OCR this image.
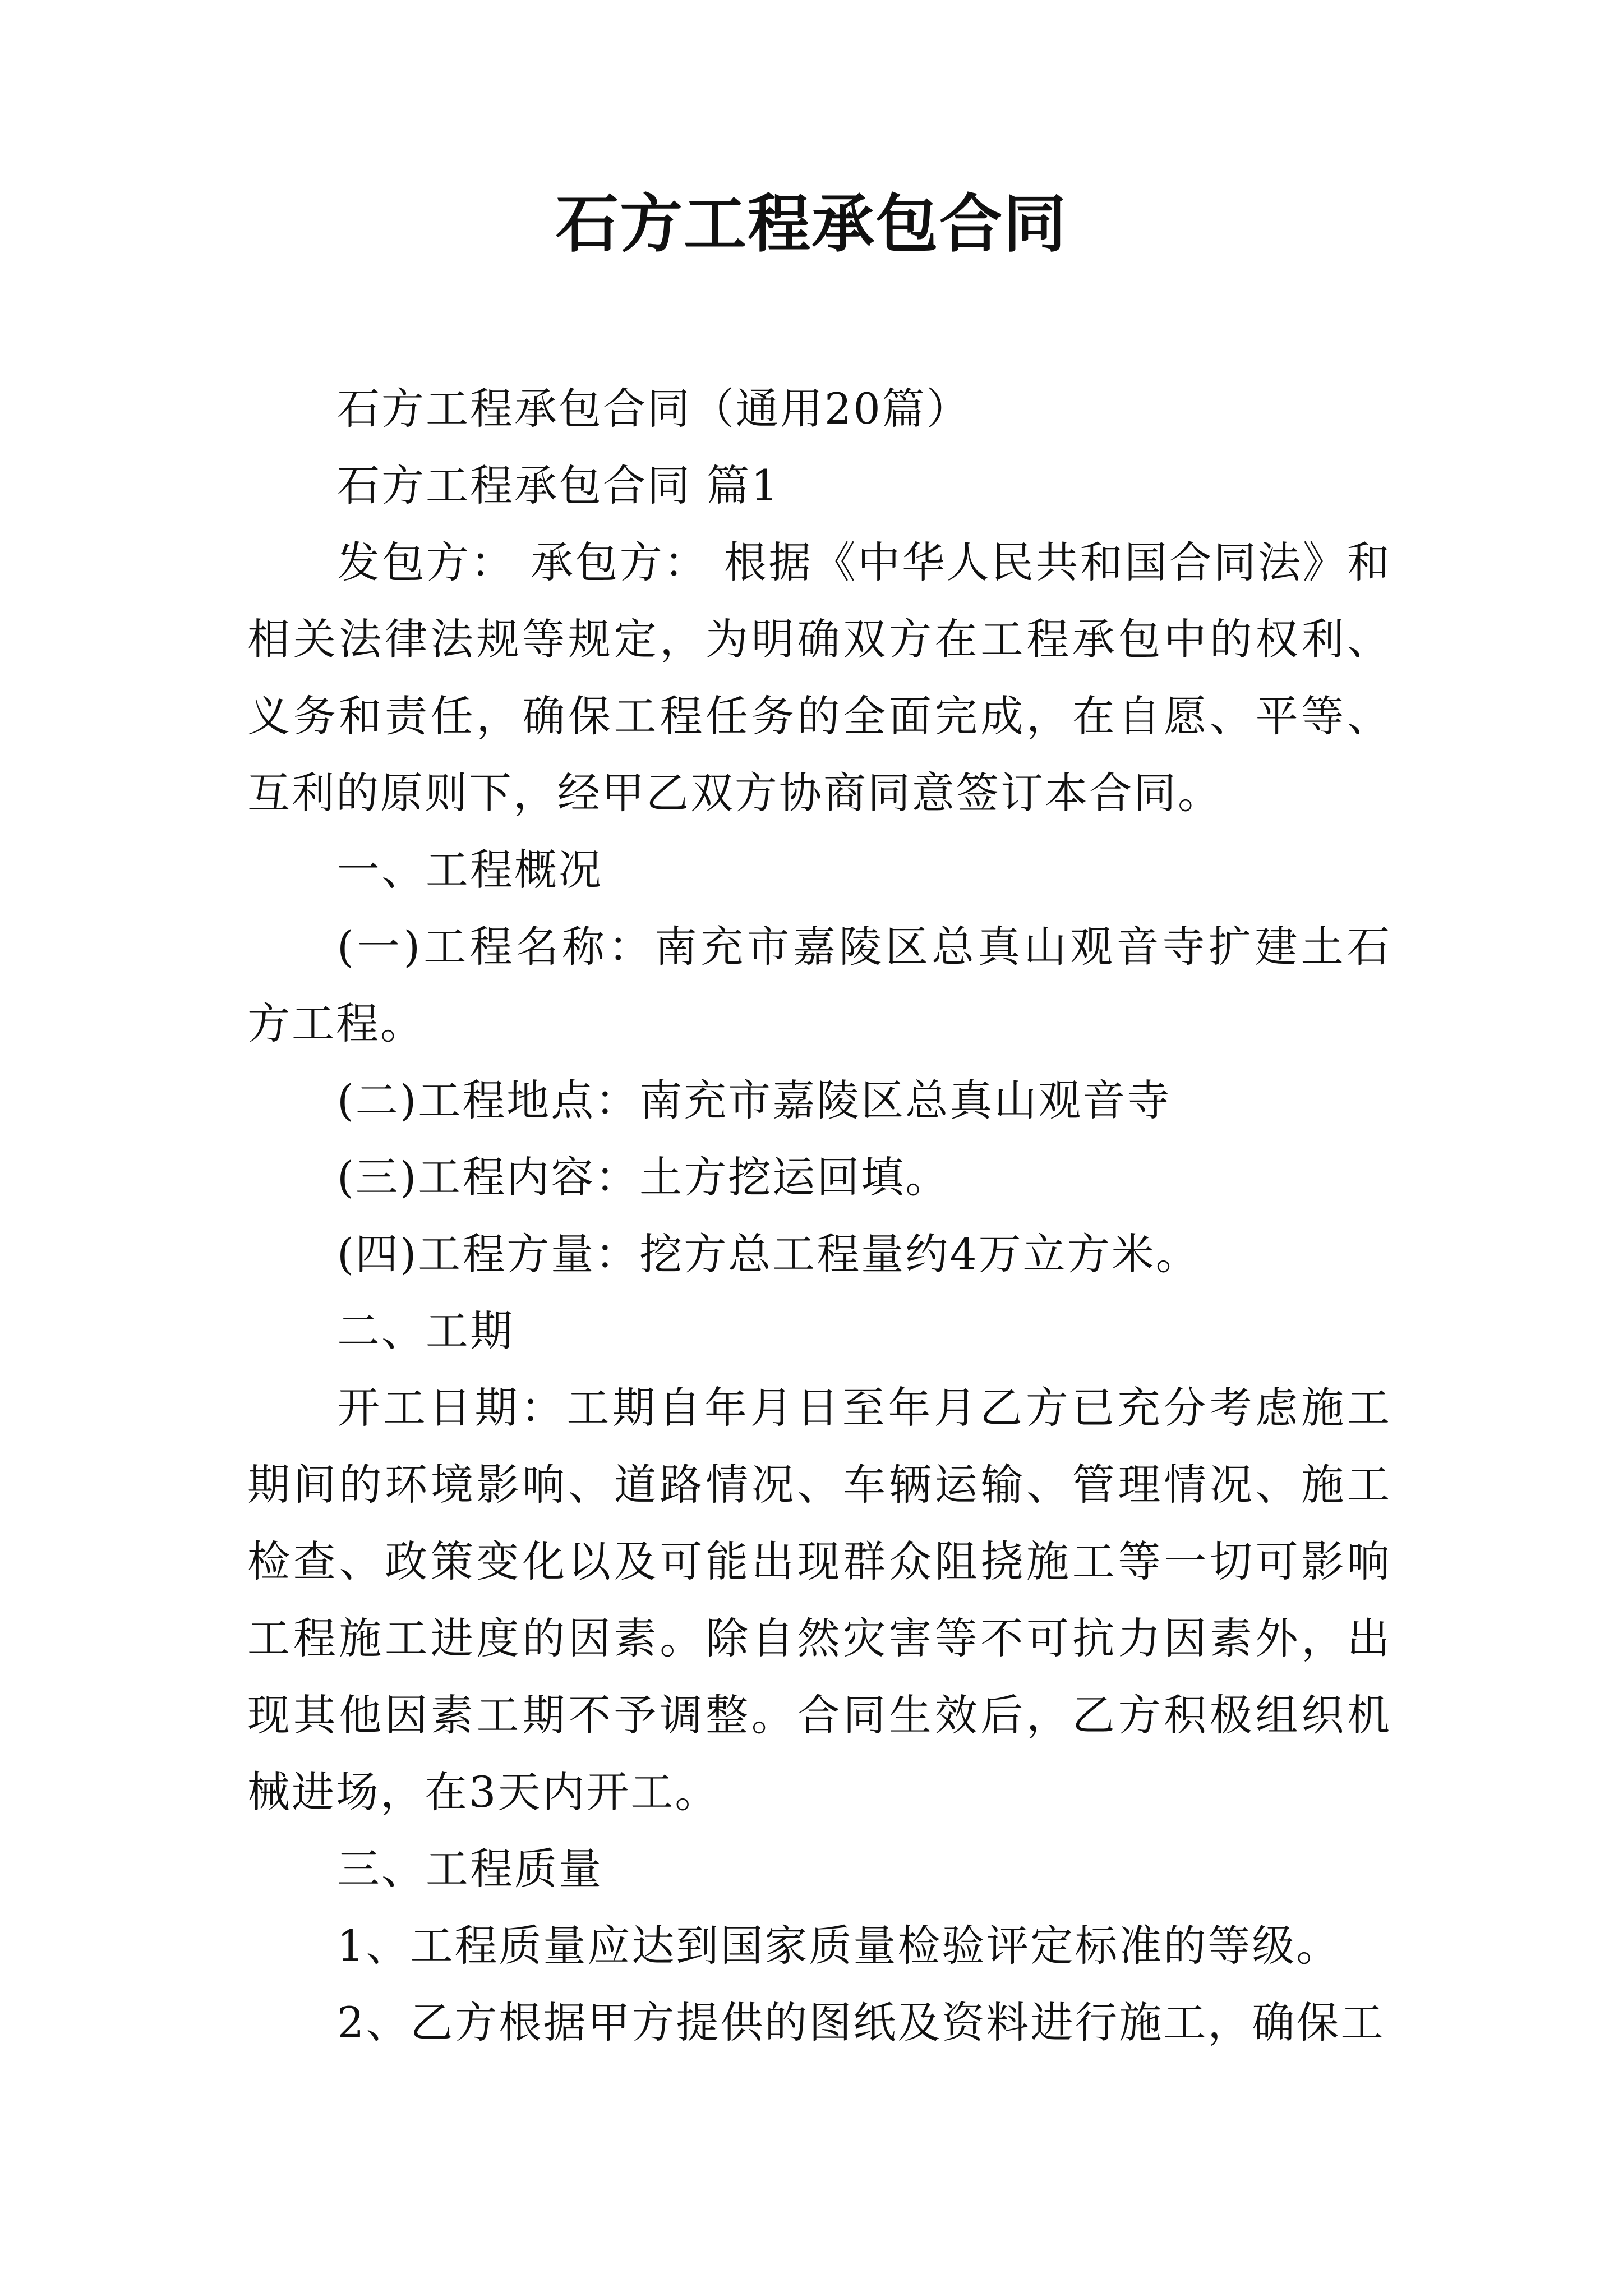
石方工程承包合同

石方工程承包合同（通用20篇）

石方工程承包合同 篇1

发包方： 承包方： 根据《中华人民共和国合同法》和相关法律法规等规定，为明确双方在工程承包中的权利、义务和责任，确保工程任务的全面完成，在自愿、平等、互利的原则下，经甲乙双方协商同意签订本合同。

一、工程概况

(一)工程名称：南充市嘉陵区总真山观音寺扩建土石方工程。

(二)工程地点：南充市嘉陵区总真山观音寺

(三)工程内容：土方挖运回填。

(四)工程方量：挖方总工程量约4万立方米。

二、工期

开工日期：工期自年月日至年月乙方已充分考虑施工期间的环境影响、道路情况、车辆运输、管理情况、施工检查、政策变化以及可能出现群众阻挠施工等一切可影响工程施工进度的因素。除自然灾害等不可抗力因素外，出现其他因素工期不予调整。合同生效后，乙方积极组织机械进场，在3天内开工。

三、工程质量

1、工程质量应达到国家质量检验评定标准的等级。

2、乙方根据甲方提供的图纸及资料进行施工，确保工
